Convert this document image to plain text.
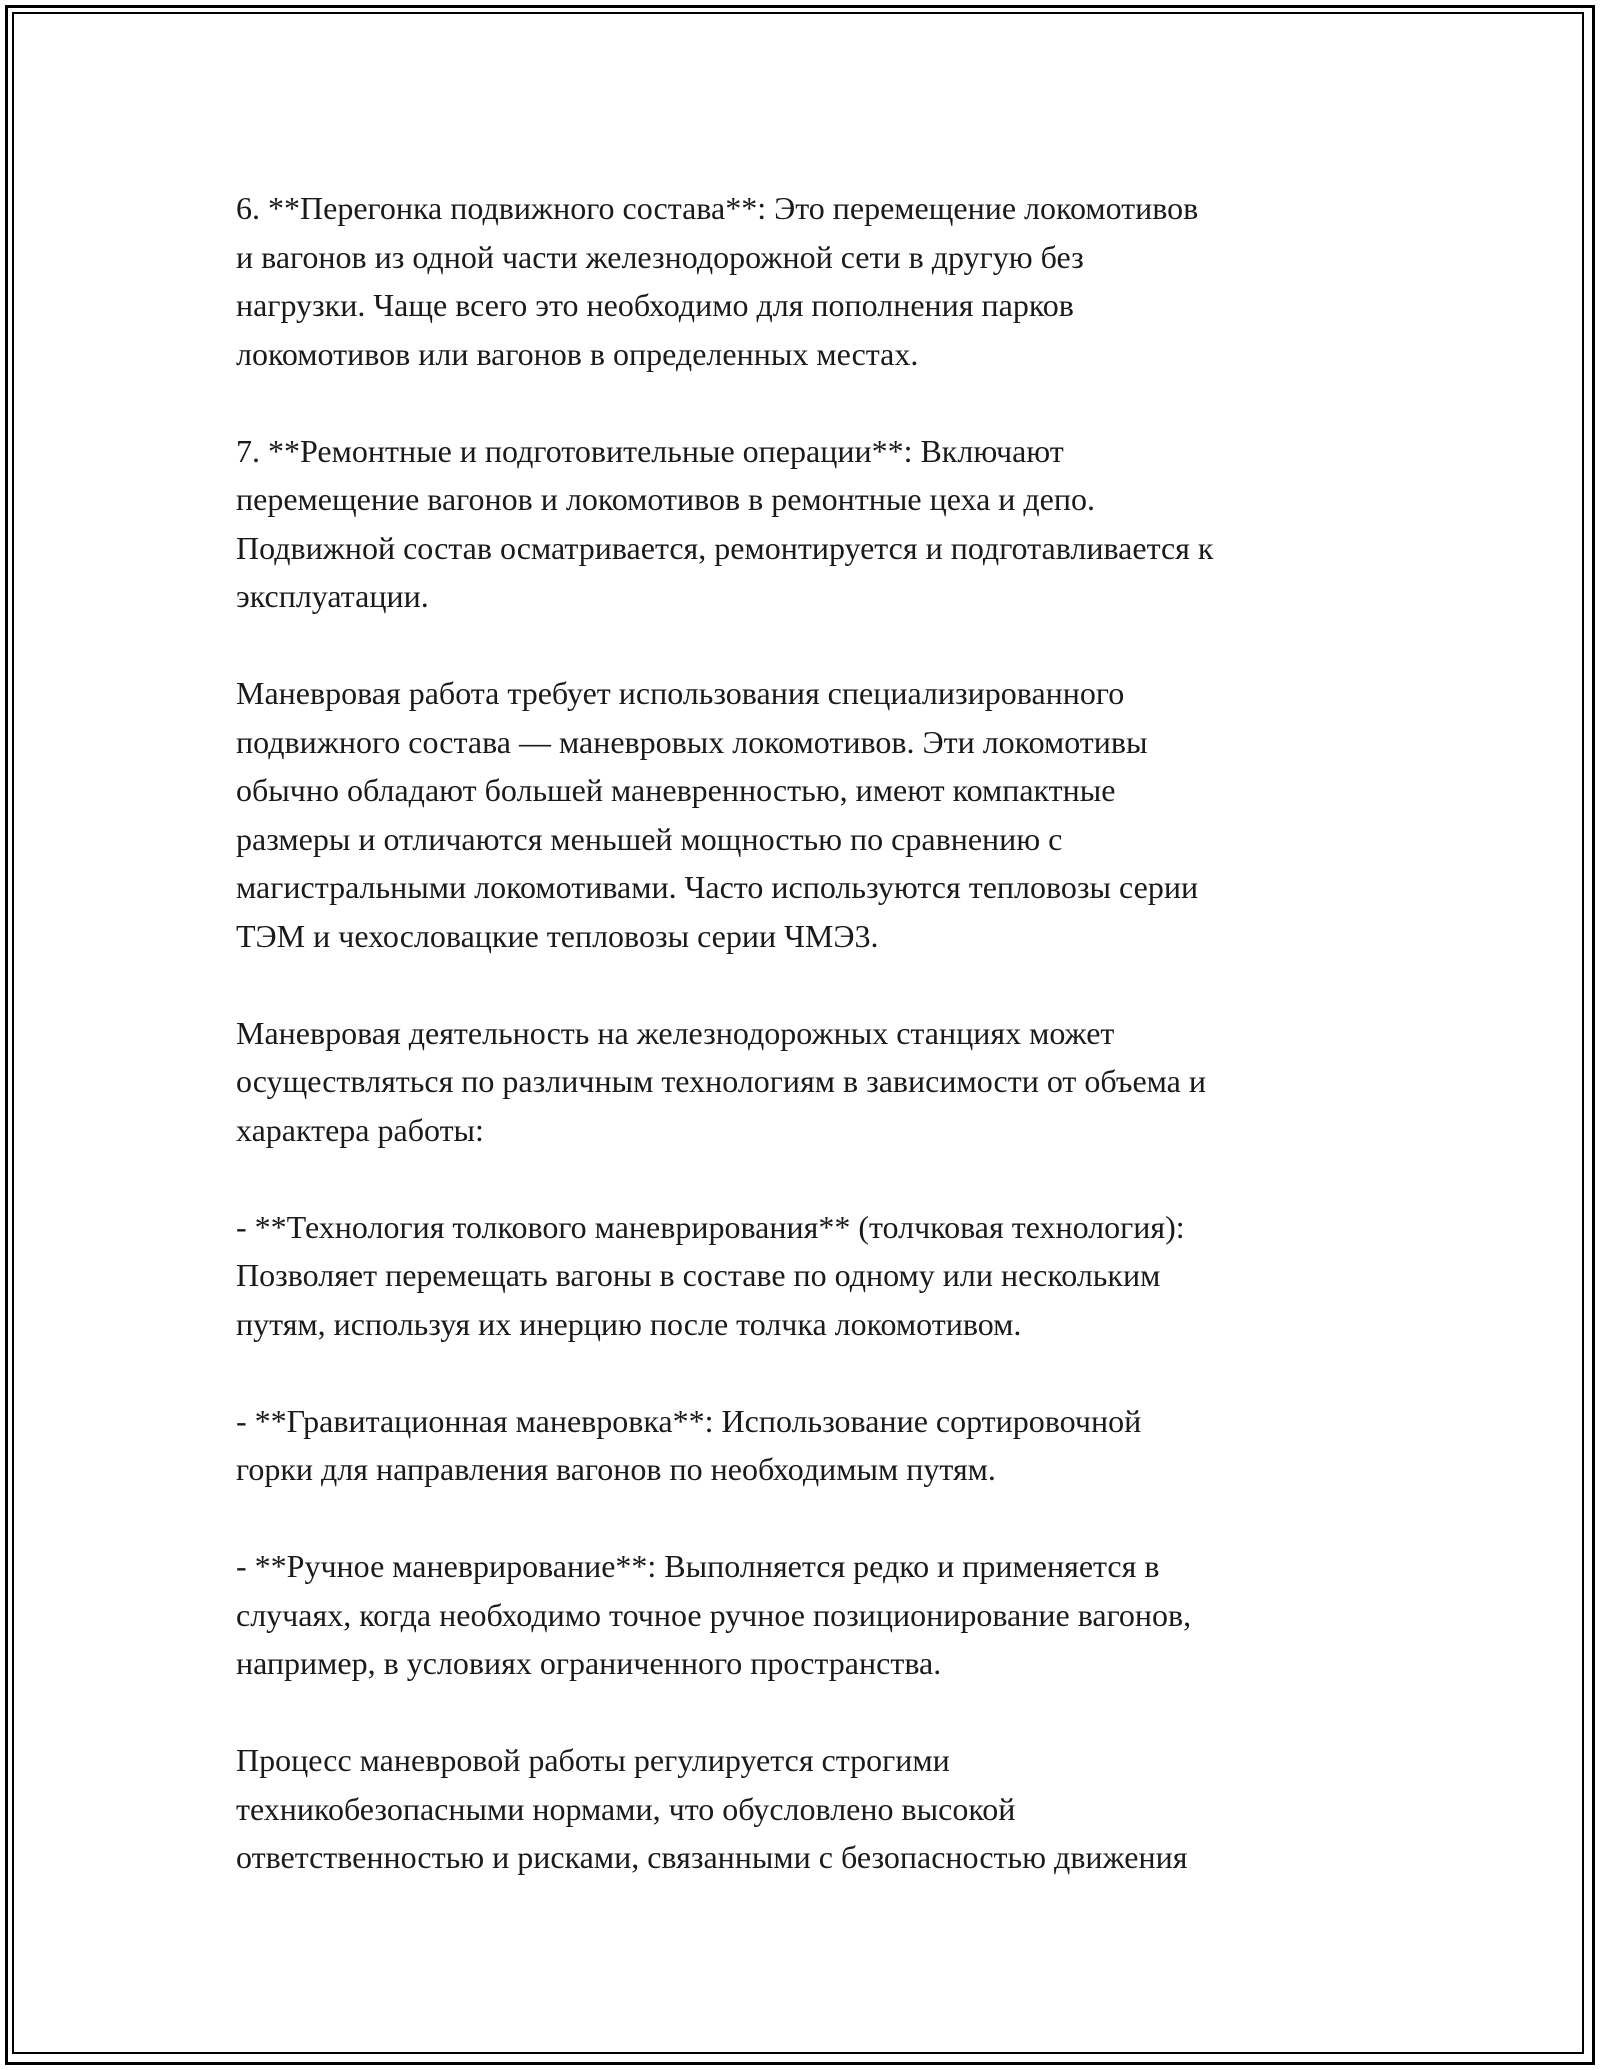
6. **Перегонка подвижного состава**: Это перемещение локомотивов
и вагонов из одной части железнодорожной сети в другую без
нагрузки. Чаще всего это необходимо для пополнения парков
локомотивов или вагонов в определенных местах.

7. **Ремонтные и подготовительные операции**: Включают
перемещение вагонов и локомотивов в ремонтные цеха и депо.
Подвижной состав осматривается, ремонтируется и подготавливается к
эксплуатации.

Маневровая работа требует использования специализированного
подвижного состава — маневровых локомотивов. Эти локомотивы
обычно обладают большей маневренностью, имеют компактные
размеры и отличаются меньшей мощностью по сравнению с
магистральными локомотивами. Часто используются тепловозы серии
ТЭМ и чехословацкие тепловозы серии ЧМЭ3.

Маневровая деятельность на железнодорожных станциях может
осуществляться по различным технологиям в зависимости от объема и
характера работы:

- **Технология толкового маневрирования** (толчковая технология):
Позволяет перемещать вагоны в составе по одному или нескольким
путям, используя их инерцию после толчка локомотивом.

- **Гравитационная маневровка**: Использование сортировочной
горки для направления вагонов по необходимым путям.

- **Ручное маневрирование**: Выполняется редко и применяется в
случаях, когда необходимо точное ручное позиционирование вагонов,
например, в условиях ограниченного пространства.

Процесс маневровой работы регулируется строгими
техникобезопасными нормами, что обусловлено высокой
ответственностью и рисками, связанными с безопасностью движения
